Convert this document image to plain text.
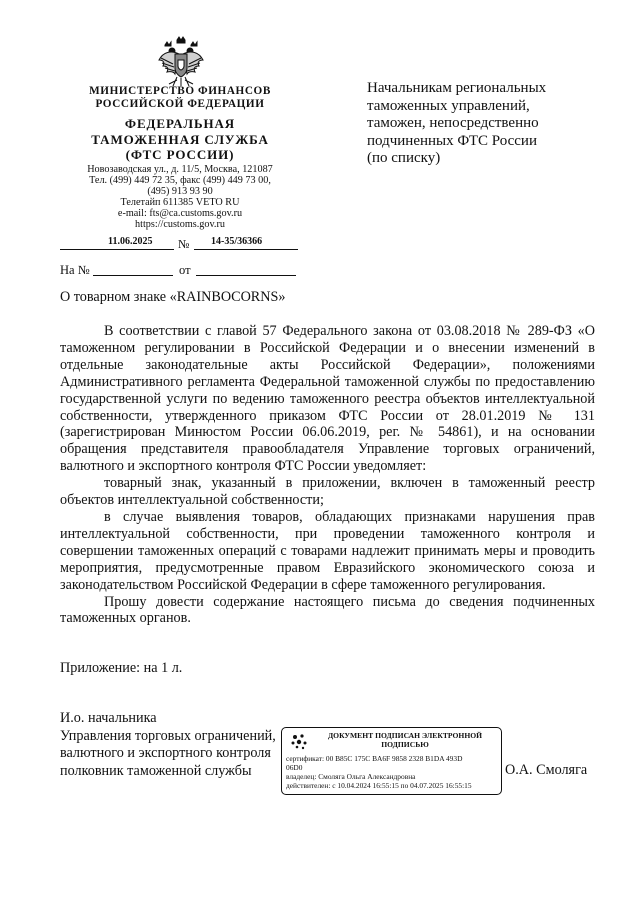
МИНИСТЕРСТВО ФИНАНСОВ
РОССИЙСКОЙ ФЕДЕРАЦИИ
ФЕДЕРАЛЬНАЯ
ТАМОЖЕННАЯ СЛУЖБА
(ФТС РОССИИ)
Новозаводская ул., д. 11/5, Москва, 121087
Тел. (499) 449 72 35, факс (499) 449 73 00,
(495) 913 93 90
Телетайп 611385 VETO RU
e-mail: fts@ca.customs.gov.ru
https://customs.gov.ru
11.06.2025 № 14-35/36366
На №	от
Начальникам региональных
таможенных управлений,
таможен, непосредственно
подчиненных ФТС России
(по списку)
О товарном знаке «RAINBOCORNS»

В соответствии с главой 57 Федерального закона от 03.08.2018 № 289-ФЗ «О таможенном регулировании в Российской Федерации и о внесении изменений в отдельные законодательные акты Российской Федерации», положениями Административного регламента Федеральной таможенной службы по предоставлению государственной услуги по ведению таможенного реестра объектов интеллектуальной собственности, утвержденного приказом ФТС России от 28.01.2019 № 131 (зарегистрирован Минюстом России 06.06.2019, рег. № 54861), и на основании обращения представителя правообладателя Управление торговых ограничений, валютного и экспортного контроля ФТС России уведомляет:

товарный знак, указанный в приложении, включен в таможенный реестр объектов интеллектуальной собственности;

в случае выявления товаров, обладающих признаками нарушения прав интеллектуальной собственности, при проведении таможенного контроля и совершении таможенных операций с товарами надлежит принимать меры и проводить мероприятия, предусмотренные правом Евразийского экономического союза и законодательством Российской Федерации в сфере таможенного регулирования.

Прошу довести содержание настоящего письма до сведения подчиненных таможенных органов.

Приложение: на 1 л.
И.о. начальника
Управления торговых ограничений,
валютного и экспортного контроля
полковник таможенной службы
ДОКУМЕНТ ПОДПИСАН ЭЛЕКТРОННОЙ
ПОДПИСЬЮ
сертификат: 00 B85C 175C BA6F 9858 2328 B1DA 493D
06D0
владелец: Смоляга Ольга Александровна
действителен: с 10.04.2024 16:55:15 по 04.07.2025 16:55:15
О.А. Смоляга
